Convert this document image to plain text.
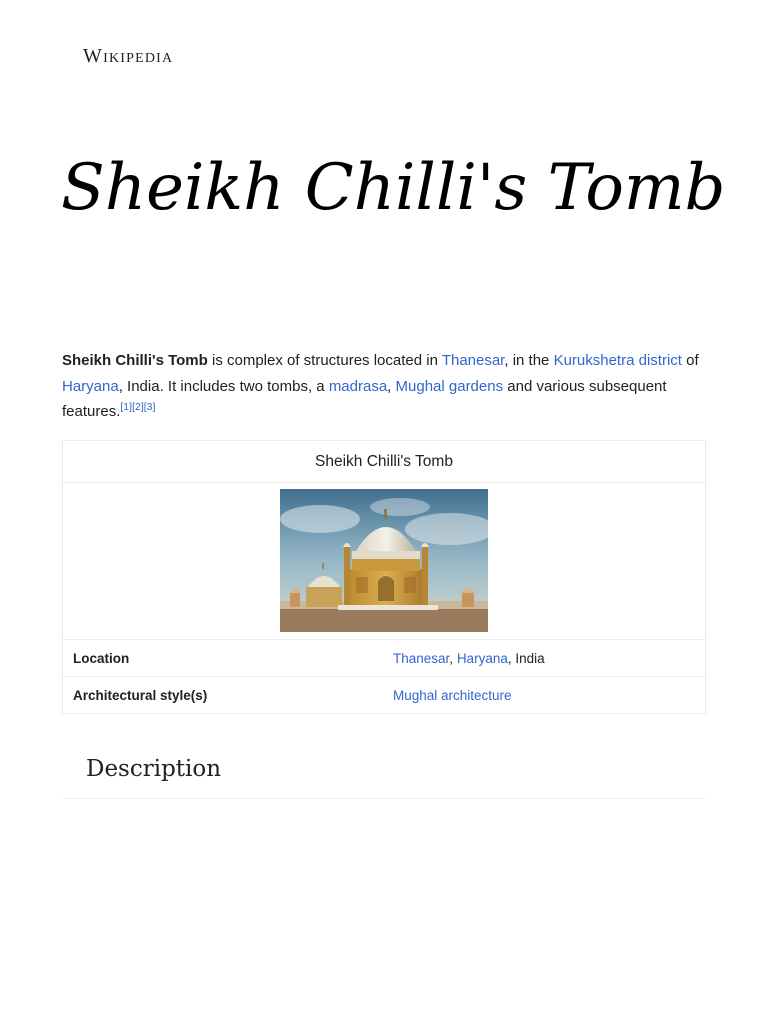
Wikipedia
Sheikh Chilli's Tomb

Sheikh Chilli's Tomb is complex of structures located in Thanesar, in the Kurukshetra district of Haryana, India. It includes two tombs, a madrasa, Mughal gardens and various subsequent features.[1][2][3]

Sheikh Chilli's Tomb
Location	Thanesar, Haryana, India
Architectural style(s)	Mughal architecture
Description
